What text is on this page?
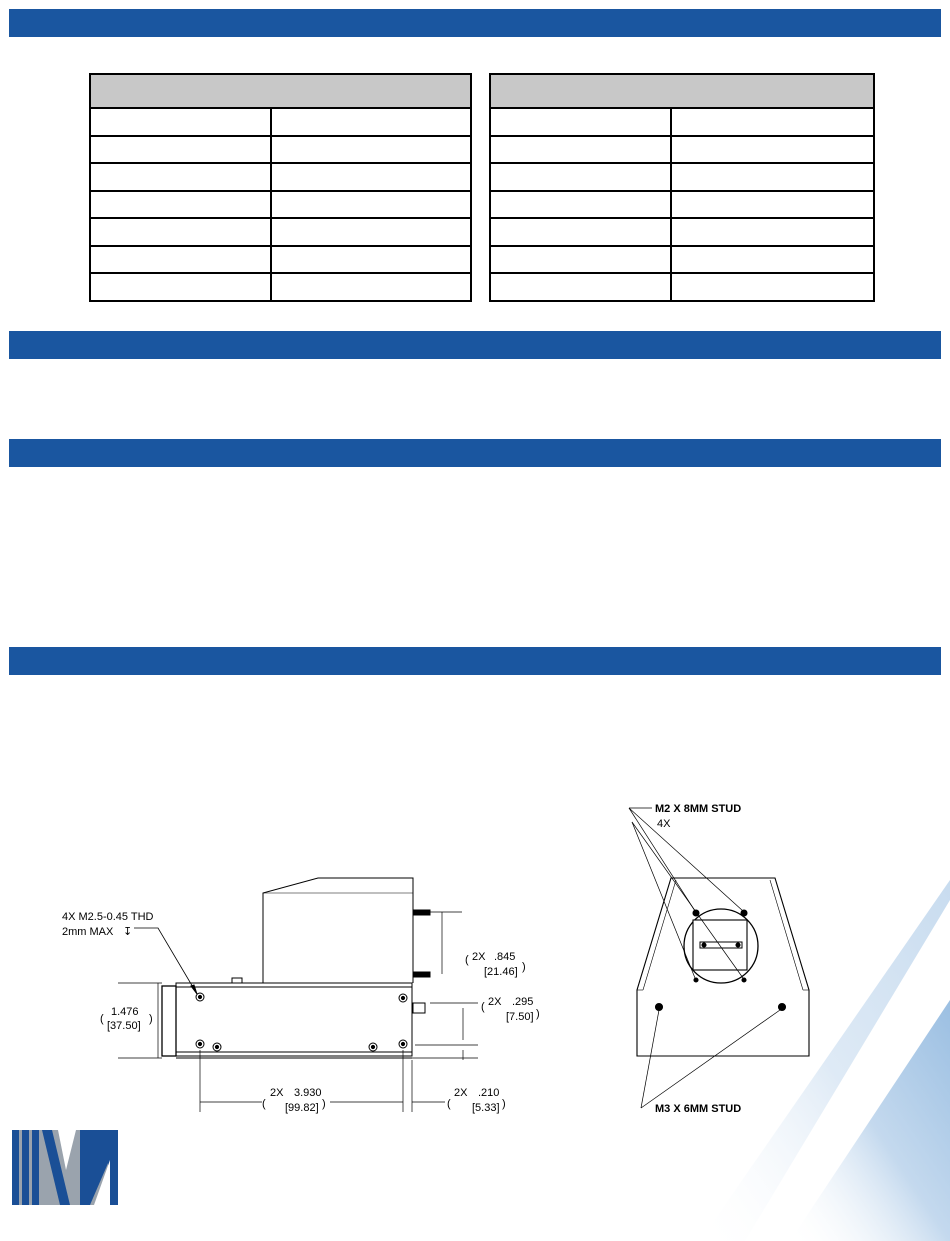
4X M2.5-0.45 THD
2mm MAX ↧
1.476
[37.50]
(	)
( 2X .845
[21.46] )
( 2X .295
[7.50] )
(
2X 3.930
[99.82] )	(
2X .210
[5.33] )
M2 X 8MM STUD
4X
M3 X 6MM STUD
